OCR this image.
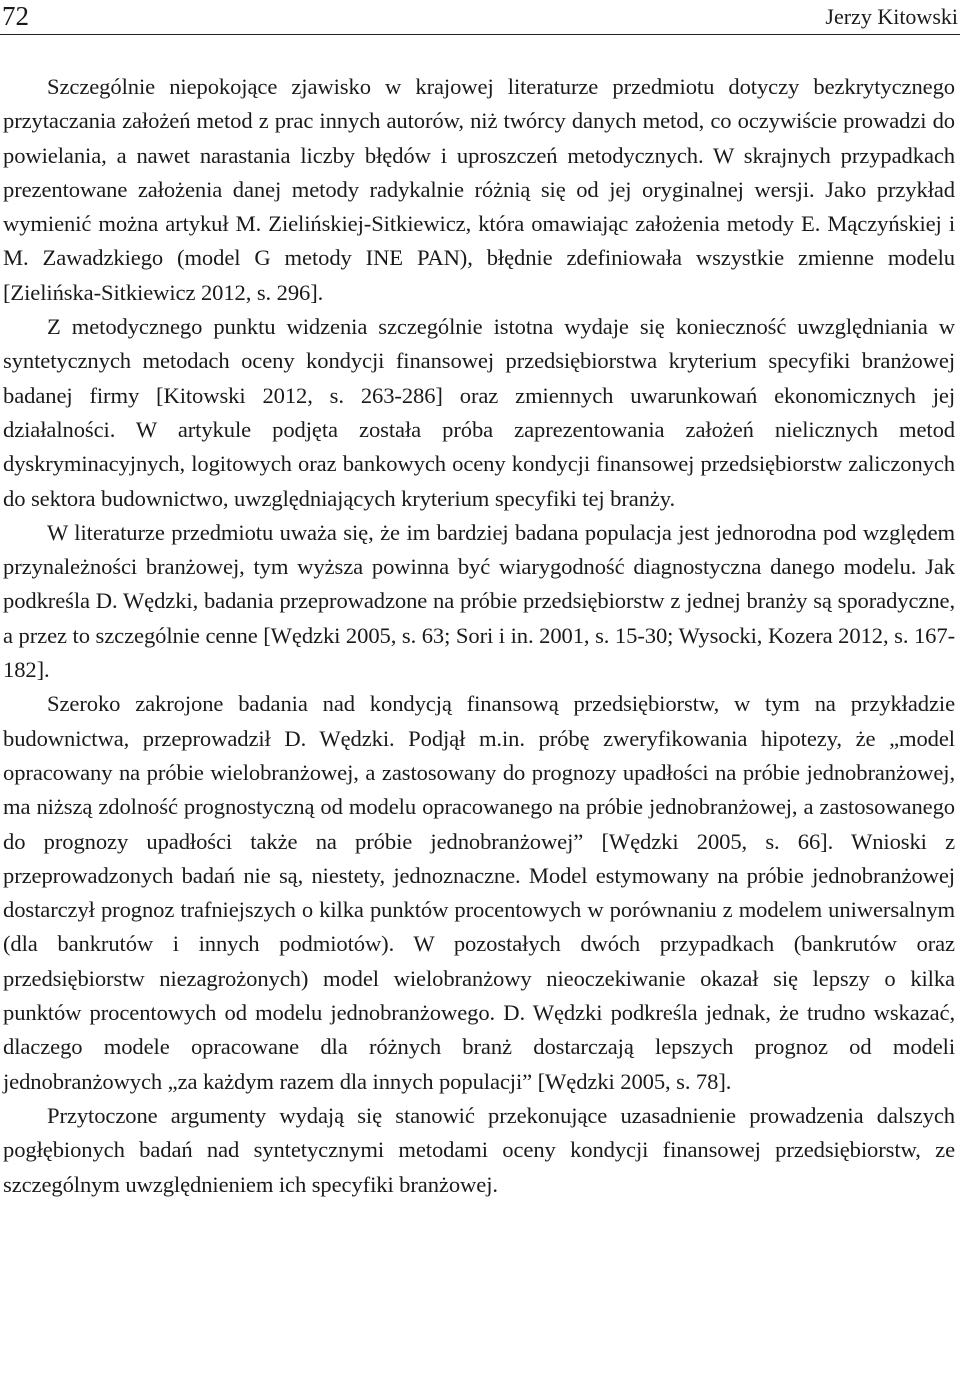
72	Jerzy Kitowski

Szczególnie niepokojące zjawisko w krajowej literaturze przedmiotu dotyczy bezkrytycznego przytaczania założeń metod z prac innych autorów, niż twórcy danych metod, co oczywiście prowadzi do powielania, a nawet narastania liczby błędów i uproszczeń metodycznych. W skrajnych przypadkach prezentowane założenia danej metody radykalnie różnią się od jej oryginalnej wersji. Jako przykład wymienić można artykuł M. Zielińskiej-Sitkiewicz, która omawiając założenia metody E. Mączyńskiej i M. Zawadzkiego (model G metody INE PAN), błędnie zdefiniowała wszystkie zmienne modelu [Zielińska-Sitkiewicz 2012, s. 296].

Z metodycznego punktu widzenia szczególnie istotna wydaje się konieczność uwzględniania w syntetycznych metodach oceny kondycji finansowej przedsiębiorstwa kryterium specyfiki branżowej badanej firmy [Kitowski 2012, s. 263-286] oraz zmiennych uwarunkowań ekonomicznych jej działalności. W artykule podjęta została próba zaprezentowania założeń nielicznych metod dyskryminacyjnych, logitowych oraz bankowych oceny kondycji finansowej przedsiębiorstw zaliczonych do sektora budownictwo, uwzględniających kryterium specyfiki tej branży.

W literaturze przedmiotu uważa się, że im bardziej badana populacja jest jednorodna pod względem przynależności branżowej, tym wyższa powinna być wiarygodność diagnostyczna danego modelu. Jak podkreśla D. Wędzki, badania przeprowadzone na próbie przedsiębiorstw z jednej branży są sporadyczne, a przez to szczególnie cenne [Wędzki 2005, s. 63; Sori i in. 2001, s. 15-30; Wysocki, Kozera 2012, s. 167-182].

Szeroko zakrojone badania nad kondycją finansową przedsiębiorstw, w tym na przykładzie budownictwa, przeprowadził D. Wędzki. Podjął m.in. próbę zweryfikowania hipotezy, że „model opracowany na próbie wielobranżowej, a zastosowany do prognozy upadłości na próbie jednobranżowej, ma niższą zdolność prognostyczną od modelu opracowanego na próbie jednobranżowej, a zastosowanego do prognozy upadłości także na próbie jednobranżowej” [Wędzki 2005, s. 66]. Wnioski z przeprowadzonych badań nie są, niestety, jednoznaczne. Model estymowany na próbie jednobranżowej dostarczył prognoz trafniejszych o kilka punktów procentowych w porównaniu z modelem uniwersalnym (dla bankrutów i innych podmiotów). W pozostałych dwóch przypadkach (bankrutów oraz przedsiębiorstw niezagrożonych) model wielobranżowy nieoczekiwanie okazał się lepszy o kilka punktów procentowych od modelu jednobranżowego. D. Wędzki podkreśla jednak, że trudno wskazać, dlaczego modele opracowane dla różnych branż dostarczają lepszych prognoz od modeli jednobranżowych „za każdym razem dla innych populacji” [Wędzki 2005, s. 78].

Przytoczone argumenty wydają się stanowić przekonujące uzasadnienie prowadzenia dalszych pogłębionych badań nad syntetycznymi metodami oceny kondycji finansowej przedsiębiorstw, ze szczególnym uwzględnieniem ich specyfiki branżowej.
